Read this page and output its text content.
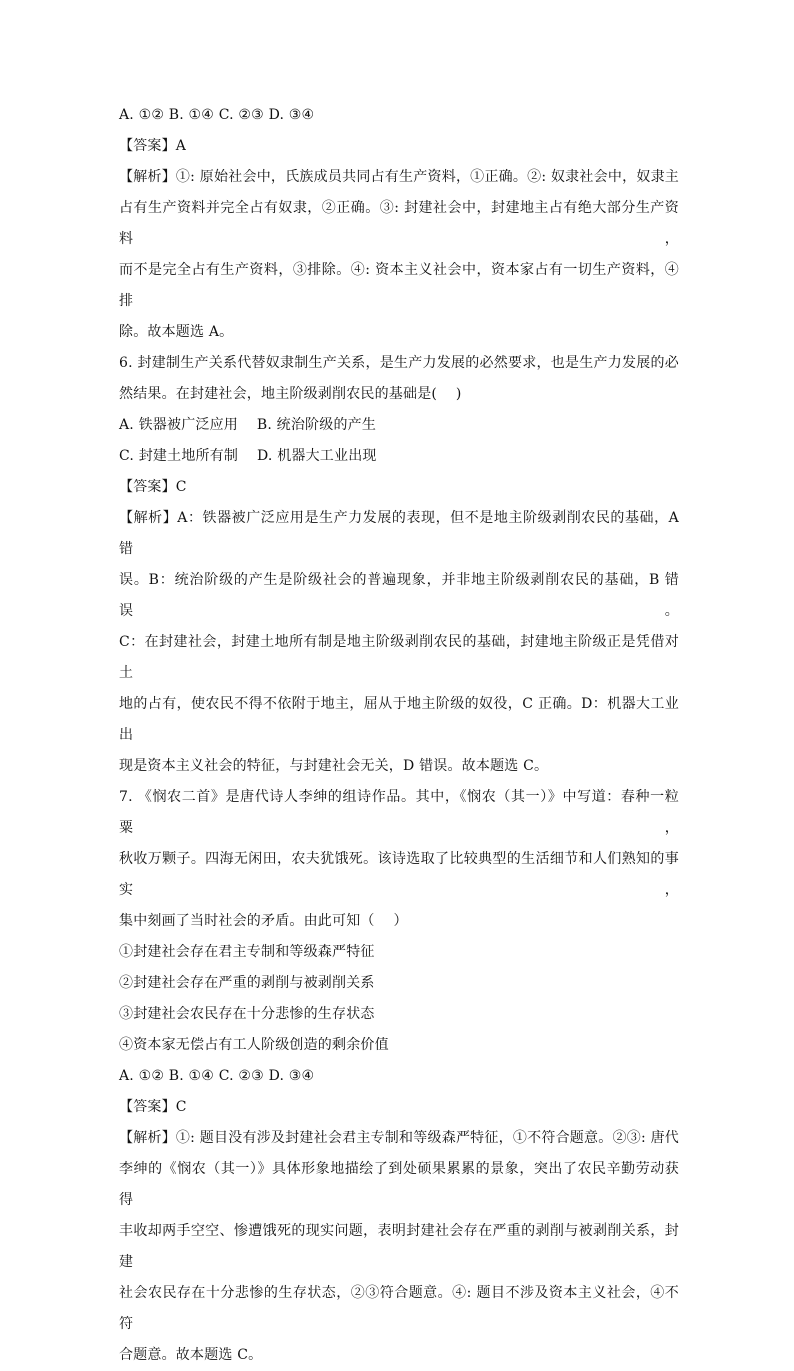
A. ①② B. ①④ C. ②③ D. ③④
【答案】A
【解析】①: 原始社会中，氏族成员共同占有生产资料，①正确。②: 奴隶社会中，奴隶主
占有生产资料并完全占有奴隶，②正确。③: 封建社会中，封建地主占有绝大部分生产资料，
而不是完全占有生产资料，③排除。④: 资本主义社会中，资本家占有一切生产资料，④排
除。故本题选 A。
6. 封建制生产关系代替奴隶制生产关系，是生产力发展的必然要求，也是生产力发展的必
然结果。在封建社会，地主阶级剥削农民的基础是(　 )
A. 铁器被广泛应用　 B. 统治阶级的产生
C. 封建土地所有制　 D. 机器大工业出现
【答案】C
【解析】A：铁器被广泛应用是生产力发展的表现，但不是地主阶级剥削农民的基础，A 错
误。B：统治阶级的产生是阶级社会的普遍现象，并非地主阶级剥削农民的基础，B 错误。
C：在封建社会，封建土地所有制是地主阶级剥削农民的基础，封建地主阶级正是凭借对土
地的占有，使农民不得不依附于地主，屈从于地主阶级的奴役，C 正确。D：机器大工业出
现是资本主义社会的特征，与封建社会无关，D 错误。故本题选 C。
7. 《悯农二首》是唐代诗人李绅的组诗作品。其中，《悯农（其一）》中写道：春种一粒粟，
秋收万颗子。四海无闲田，农夫犹饿死。该诗选取了比较典型的生活细节和人们熟知的事实，
集中刻画了当时社会的矛盾。由此可知（　 ）
①封建社会存在君主专制和等级森严特征
②封建社会存在严重的剥削与被剥削关系
③封建社会农民存在十分悲惨的生存状态
④资本家无偿占有工人阶级创造的剩余价值
A. ①② B. ①④ C. ②③ D. ③④
【答案】C
【解析】①: 题目没有涉及封建社会君主专制和等级森严特征，①不符合题意。②③: 唐代
李绅的《悯农（其一）》具体形象地描绘了到处硕果累累的景象，突出了农民辛勤劳动获得
丰收却两手空空、惨遭饿死的现实问题，表明封建社会存在严重的剥削与被剥削关系，封建
社会农民存在十分悲惨的生存状态，②③符合题意。④: 题目不涉及资本主义社会，④不符
合题意。故本题选 C。
